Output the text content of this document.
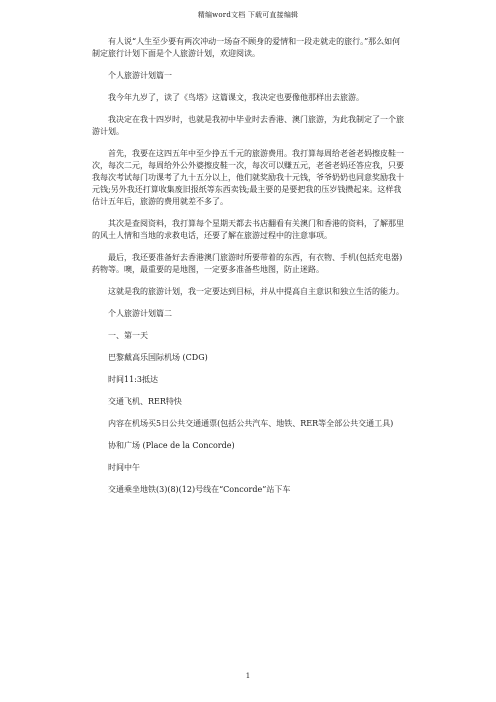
精编word文档 下载可直接编辑

有人说“人生至少要有两次冲动一场奋不顾身的爱情和一段走就走的旅行。”那么如何制定旅行计划下面是个人旅游计划，欢迎阅读。

个人旅游计划篇一

我今年九岁了，读了《鸟塔》这篇课文，我决定也要像他那样出去旅游。

我决定在我十四岁时，也就是我初中毕业时去香港、澳门旅游，为此我制定了一个旅游计划。

首先，我要在这四五年中至少挣五千元的旅游费用。我打算每周给老爸老妈擦皮鞋一次，每次二元，每周给外公外婆擦皮鞋一次，每次可以赚五元，老爸老妈还答应我，只要我每次考试每门功课考了九十五分以上，他们就奖励我十元钱，爷爷奶奶也同意奖励我十元钱;另外我还打算收集废旧报纸等东西卖钱;最主要的是要把我的压岁钱攒起来。这样我估计五年后，旅游的费用就差不多了。

其次是查阅资料，我打算每个星期天都去书店翻看有关澳门和香港的资料，了解那里的风土人情和当地的求救电话，还要了解在旅游过程中的注意事项。

最后，我还要准备好去香港澳门旅游时所要带着的东西，有衣物、手机(包括充电器)药物等。噢，最重要的是地图，一定要多准备些地图，防止迷路。

这就是我的旅游计划，我一定要达到目标，并从中提高自主意识和独立生活的能力。

个人旅游计划篇二

一、第一天

巴黎戴高乐国际机场 (CDG)

时间11:3抵达

交通飞机、RER特快

内容在机场买5日公共交通通票(包括公共汽车、地铁、RER等全部公共交通工具)

协和广场 (Place de la Concorde)

时间中午

交通乘坐地铁(3)(8)(12)号线在“Concorde”站下车

1
